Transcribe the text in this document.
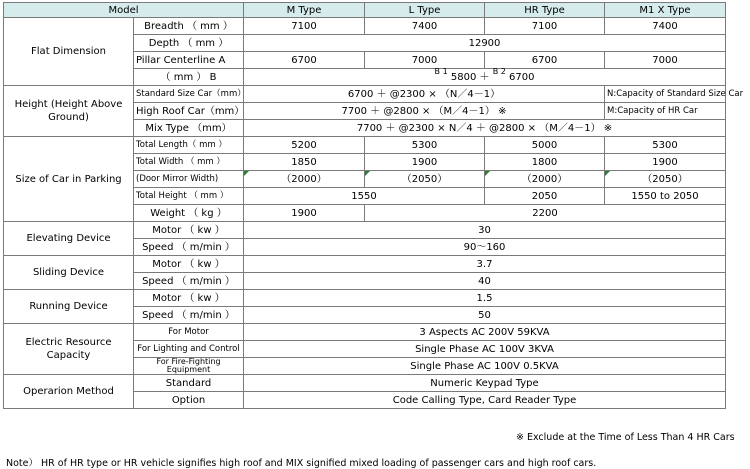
Model		M Type	L Type	HR Type	M1 X Type
Flat Dimension	Breadth （ mm ）	7100	7400	7100	7400
	Depth （ mm ）	12900			
	Pillar Centerline A	6700	7000	6700	7000
	（ mm ） B	$^{B 1}$ 5800 ＋ $^{B 2}$ 6700			
Height (Height Above Ground)	Standard Size Car（mm）	6700 ＋ @2300 × （N／4－1）			N:Capacity of Standard Size Car
	High Roof Car（mm）	7700 ＋ @2800 × （M／4－1） ※			M:Capacity of HR Car
	Mix Type （mm）	7700 ＋ @2300 × N／4 ＋ @2800 × （M／4－1） ※			
Size of Car in Parking	Total Length（ mm ）	5200	5300	5000	5300
	Total Width （ mm ）	1850	1900	1800	1900
	(Door Mirror Width)	（2000）	（2050）	（2000）	（2050）
	Total Height （ mm ）	1550		2050	1550 to 2050
	Weight （ kg ）	1900	2200		
Elevating Device	Motor （ kw ）	30			
	Speed （ m/min ）	90～160			
Sliding Device	Motor （ kw ）	3.7			
	Speed （ m/min ）	40			
Running Device	Motor （ kw ）	1.5			
	Speed （ m/min ）	50			
Electric Resource Capacity	For Motor	3 Aspects AC 200V 59KVA			
	For Lighting and Control	Single Phase AC 100V 3KVA			
	For Fire-Fighting Equipment	Single Phase AC 100V 0.5KVA			
Operarion Method	Standard	Numeric Keypad Type			
	Option	Code Calling Type, Card Reader Type			
※ Exclude at the Time of Less Than 4 HR Cars
Note） HR of HR type or HR vehicle signifies high roof and MIX signified mixed loading of passenger cars and high roof cars.
